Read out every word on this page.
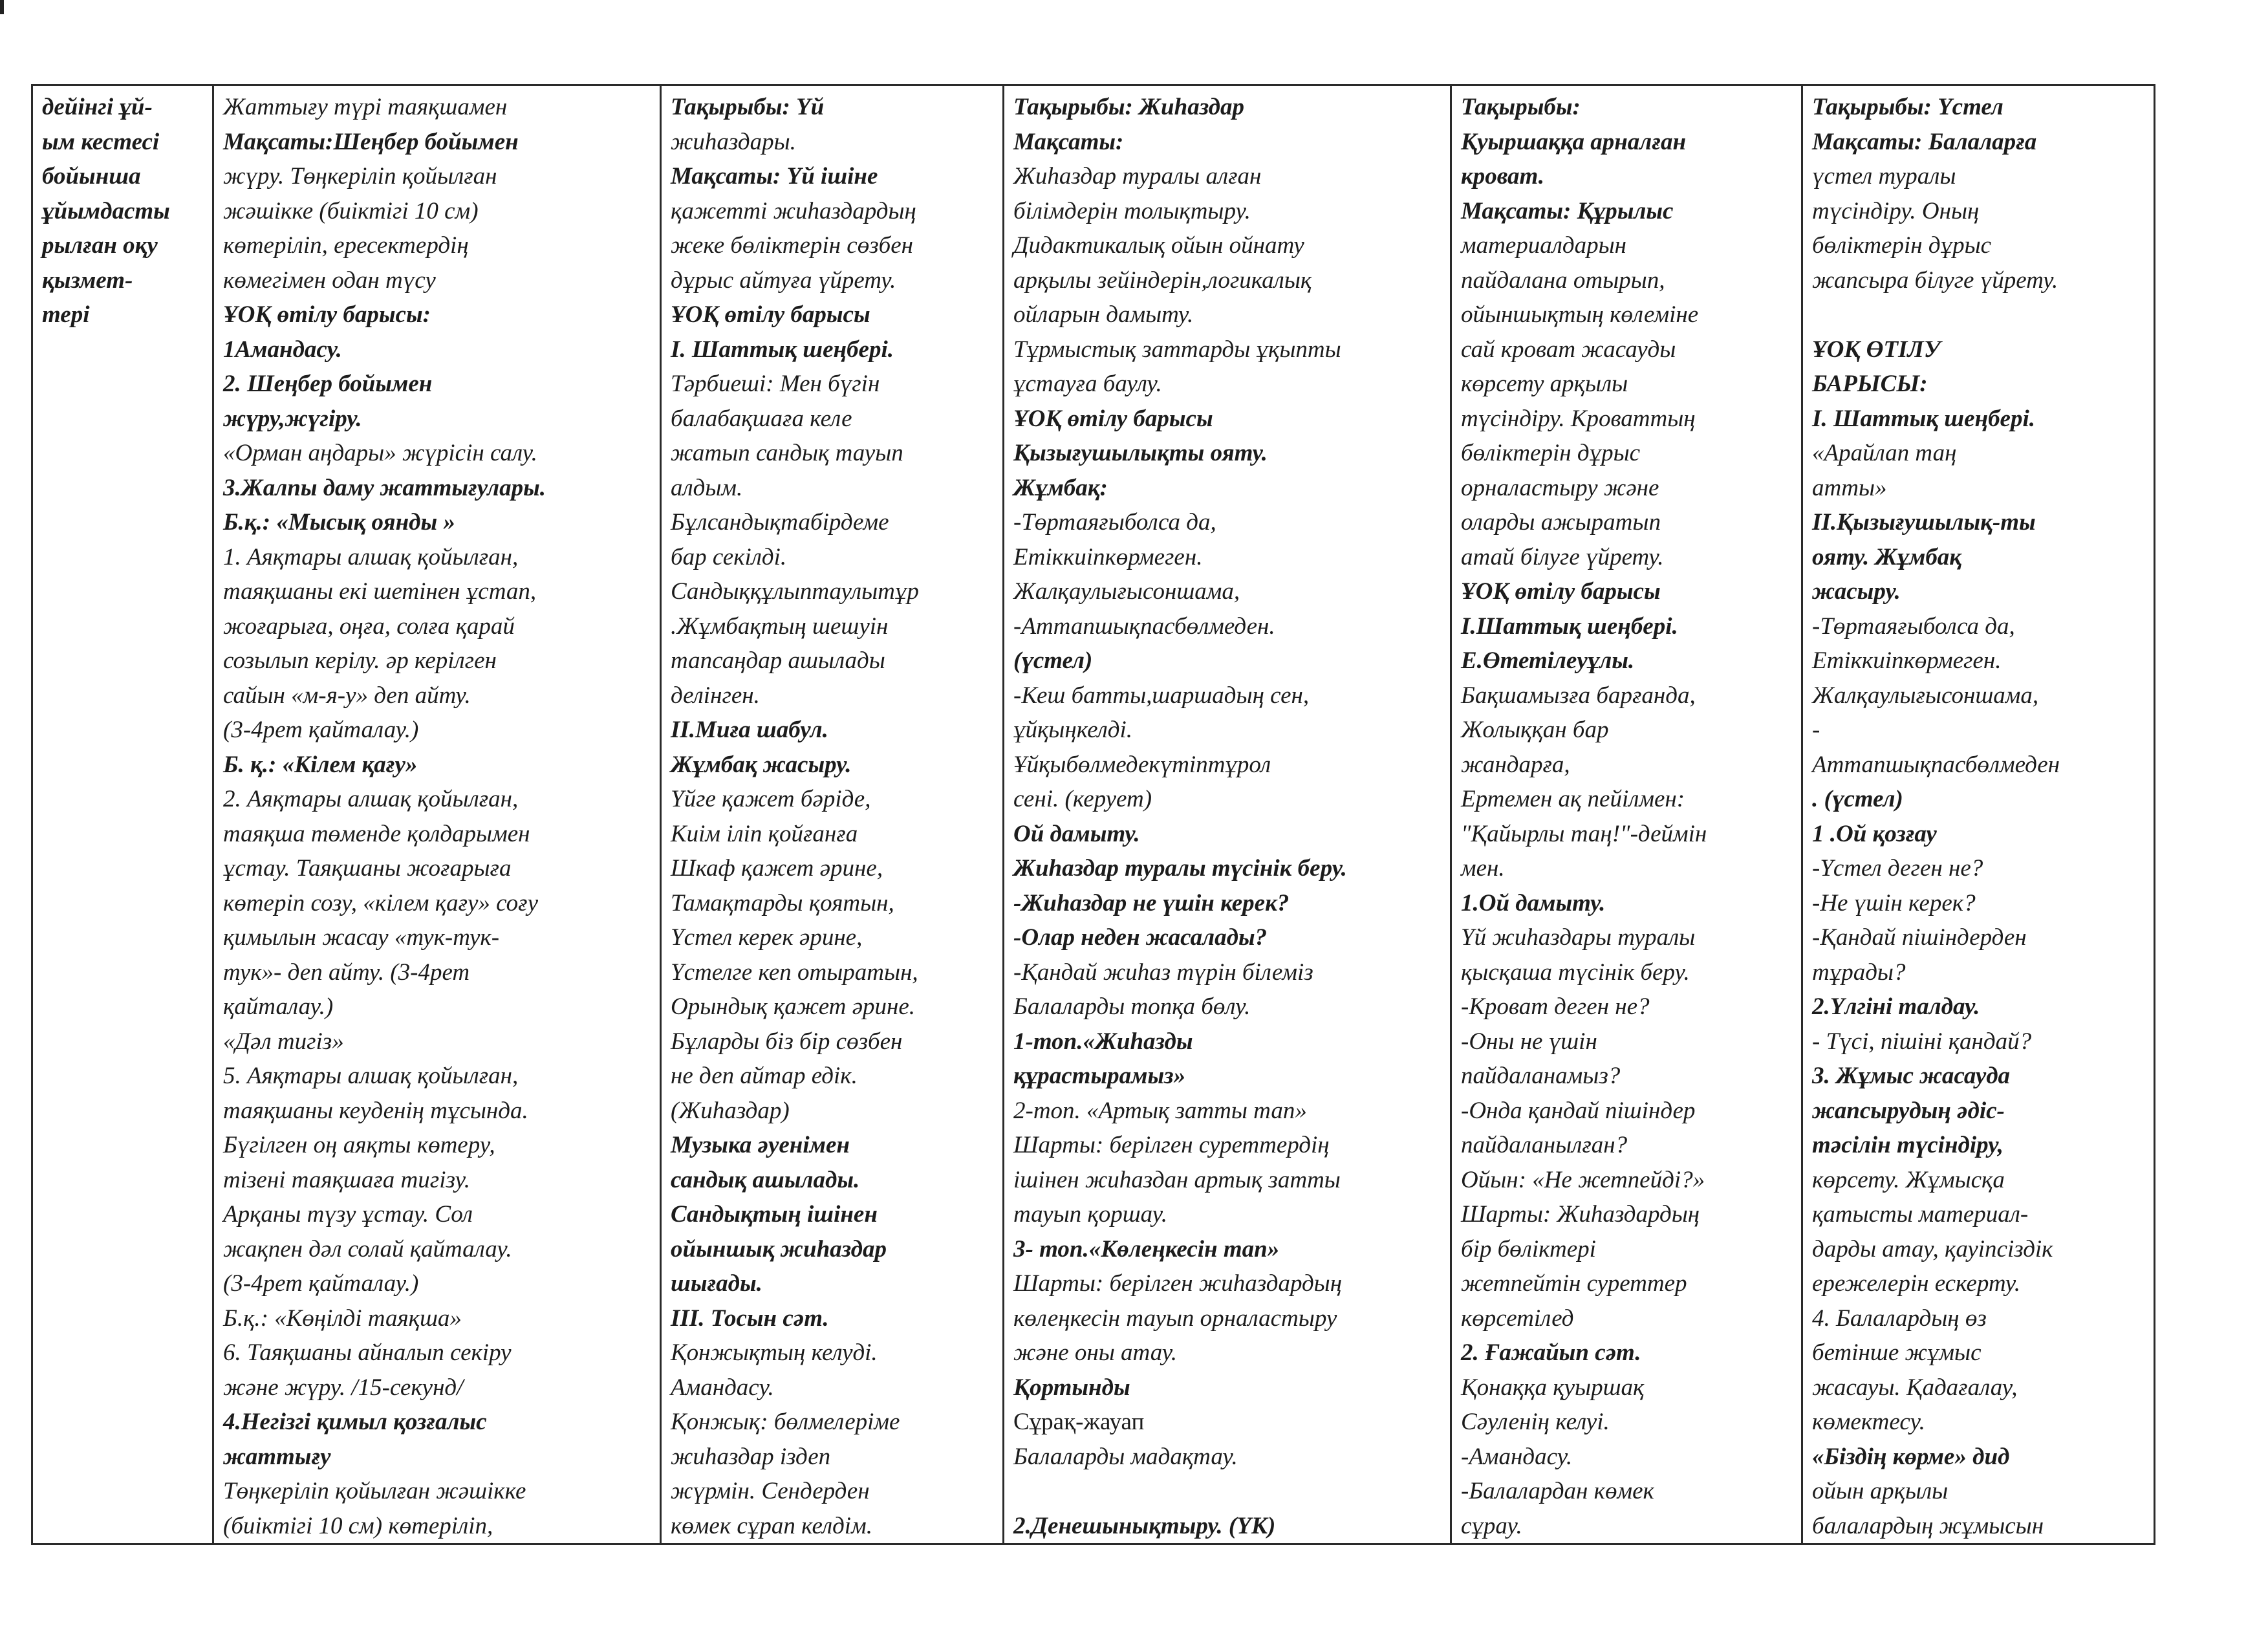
дейінгі ұй-
ым кестесі
бойынша
ұйымдасты
рылған оқу
қызмет-
тері

Жаттығу түрі таяқшамен
Мақсаты:Шеңбер бойымен
жүру. Төңкеріліп қойылған
жәшікке (биіктігі 10 см)
көтеріліп, ересектердің
көмегімен одан түсу
ҰОҚ өтілу барысы:
1Амандасу.
2. Шеңбер бойымен
жүру,жүгіру.
«Орман аңдары» жүрісін салу.
3.Жалпы даму жаттығулары.
Б.қ.: «Мысық оянды »
1. Аяқтары алшақ қойылған,
таяқшаны екі шетінен ұстап,
жоғарыға, оңға, солға қарай
созылып керілу. әр керілген
сайын «м-я-у» деп айту.
(3-4рет қайталау.)
Б. қ.: «Кілем қағу»
2. Аяқтары алшақ қойылған,
таяқша төменде қолдарымен
ұстау. Таяқшаны жоғарыға
көтеріп созу, «кілем қағу» соғу
қимылын жасау «тук-тук-
тук»- деп айту. (3-4рет
қайталау.)
«Дәл тигіз»
5. Аяқтары алшақ қойылған,
таяқшаны кеуденің тұсында.
Бүгілген оң аяқты көтеру,
тізені таяқшаға тигізу.
Арқаны түзу ұстау. Сол
жақпен дәл солай қайталау.
(3-4рет қайталау.)
Б.қ.: «Көңілді таяқша»
6. Таяқшаны айналып секіру
және жүру. /15-секунд/
4.Негізгі қимыл қозғалыс
жаттығу
Төңкеріліп қойылған жәшікке
(биіктігі 10 см) көтеріліп,

Тақырыбы: Үй
жиһаздары.
Мақсаты: Үй ішіне
қажетті жиһаздардың
жеке бөліктерін сөзбен
дұрыс айтуға үйрету.
ҰОҚ өтілу барысы
І. Шаттық шеңбері.
Тәрбиеші: Мен бүгін
балабақшаға келе
жатып сандық тауып
алдым.
Бұлсандықтабірдеме
бар секілді.
Сандыққұлыптаулытұр
.Жұмбақтың шешуін
тапсаңдар ашылады
делінген.
ІІ.Миға шабул.
Жұмбақ жасыру.
Үйге қажет бәріде,
Киім іліп қойғанға
Шкаф қажет әрине,
Тамақтарды қоятын,
Үстел керек әрине,
Үстелге кеп отыратын,
Орындық қажет әрине.
Бұларды біз бір сөзбен
не деп айтар едік.
(Жиһаздар)
Музыка әуенімен
сандық ашылады.
Сандықтың ішінен
ойыншық жиһаздар
шығады.
ІІІ. Тосын сәт.
Қонжықтың келуді.
Амандасу.
Қонжық: бөлмелеріме
жиһаздар іздеп
жүрмін. Сендерден
көмек сұрап келдім.

Тақырыбы: Жиһаздар
Мақсаты:
Жиһаздар туралы алған
білімдерін толықтыру.
Дидактикалық ойын ойнату
арқылы зейіндерін,логикалық
ойларын дамыту.
Тұрмыстық заттарды ұқыпты
ұстауға баулу.
ҰОҚ өтілу барысы
Қызығушылықты ояту.
Жұмбақ:
-Төртаяғыболса да,
Етіккиіпкөрмеген.
Жалқаулығысоншама,
-Аттапшықпасбөлмеден.
(үстел)
-Кеш батты,шаршадың сен,
ұйқыңкелді.
Ұйқыбөлмедекүтіптұрол
сені. (керует)
Ой дамыту.
Жиһаздар туралы түсінік беру.
-Жиһаздар не үшін керек?
-Олар неден жасалады?
-Қандай жиһаз түрін білеміз
Балаларды топқа бөлу.
1-топ.«Жиһазды
құрастырамыз»
2-топ. «Артық затты тап»
Шарты: берілген суреттердің
ішінен жиһаздан артық затты
тауып қоршау.
3- топ.«Көлеңкесін тап»
Шарты: берілген жиһаздардың
көлеңкесін тауып орналастыру
және оны атау.
Қортынды
Сұрақ-жауап
Балаларды мадақтау.

2.Денешынықтыру. (ҮК)

Тақырыбы:
Қуыршаққа арналған
кроват.
Мақсаты: Құрылыс
материалдарын
пайдалана отырып,
ойыншықтың көлеміне
сай кроват жасауды
көрсету арқылы
түсіндіру. Кроваттың
бөліктерін дұрыс
орналастыру және
оларды ажыратып
атай білуге үйрету.
ҰОҚ өтілу барысы
І.Шаттық шеңбері.
Е.Өтетілеуұлы.
Бақшамызға барғанда,
Жолыққан бар
жандарға,
Ертемен ақ пейілмен:
"Қайырлы таң!"-деймін
мен.
1.Ой дамыту.
Үй жиһаздары туралы
қысқаша түсінік беру.
-Кроват деген не?
-Оны не үшін
пайдаланамыз?
-Онда қандай пішіндер
пайдаланылған?
Ойын: «Не жетпейді?»
Шарты: Жиһаздардың
бір бөліктері
жетпейтін суреттер
көрсетілед
2. Ғажайып сәт.
Қонаққа қуыршақ
Сәуленің келуі.
-Амандасу.
-Балалардан көмек
сұрау.

Тақырыбы: Үстел
Мақсаты: Балаларға
үстел туралы
түсіндіру. Оның
бөліктерін дұрыс
жапсыра білуге үйрету.

ҰОҚ ӨТІЛУ
БАРЫСЫ:
І. Шаттық шеңбері.
«Арайлап таң
атты»
ІІ.Қызығушылық-ты
ояту. Жұмбақ
жасыру.
-Төртаяғыболса да,
Етіккиіпкөрмеген.
Жалқаулығысоншама,
-
Аттапшықпасбөлмеден
. (үстел)
1 .Ой қозғау
-Үстел деген не?
-Не үшін керек?
-Қандай пішіндерден
тұрады?
2.Үлгіні талдау.
- Түсі, пішіні қандай?
3. Жұмыс жасауда
жапсырудың әдіс-
тәсілін түсіндіру,
көрсету. Жұмысқа
қатысты материал-
дарды атау, қауіпсіздік
ережелерін ескерту.
4. Балалардың өз
бетінше жұмыс
жасауы. Қадағалау,
көмектесу.
«Біздің көрме» дид
ойын арқылы
балалардың жұмысын
